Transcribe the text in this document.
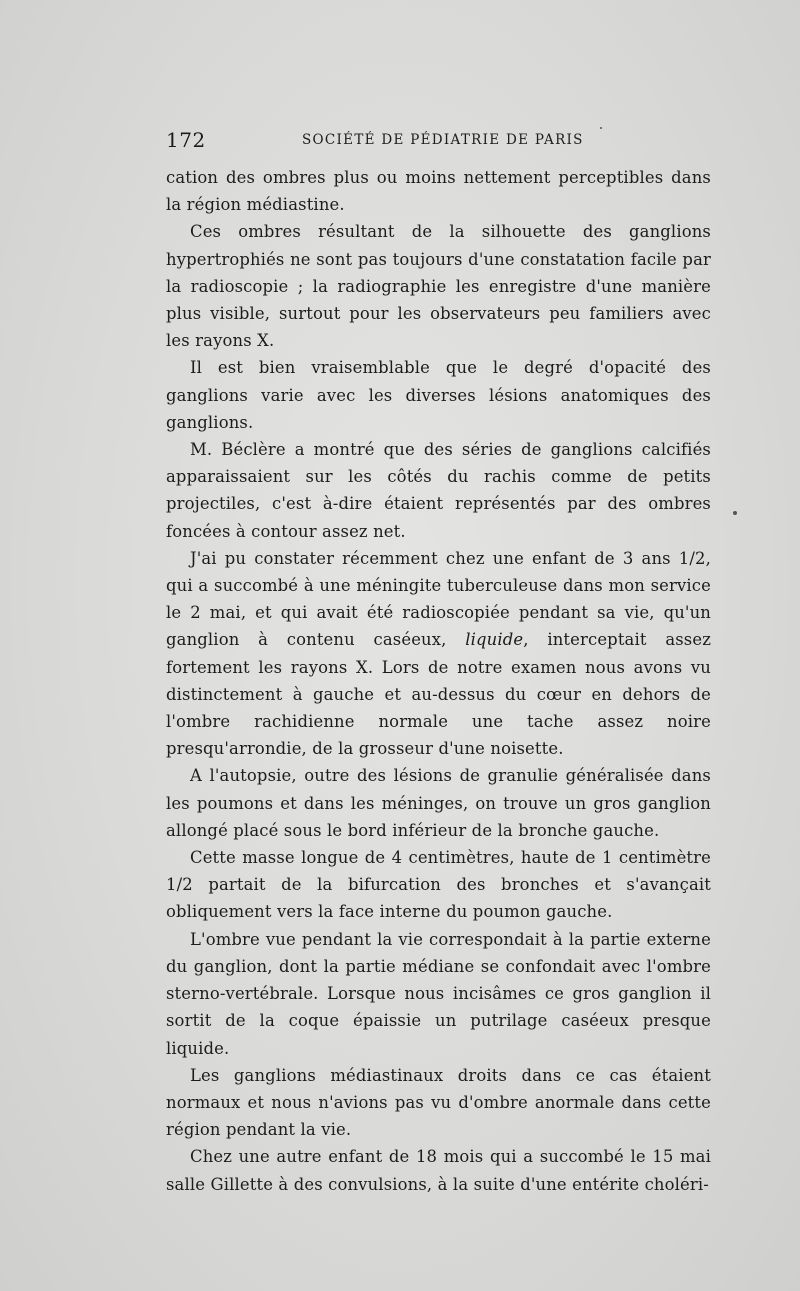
172	SOCIÉTÉ DE PÉDIATRIE DE PARIS

cation des ombres plus ou moins nettement perceptibles dans la région médiastine.

Ces ombres résultant de la silhouette des ganglions hypertrophiés ne sont pas toujours d'une constatation facile par la radioscopie ; la radiographie les enregistre d'une manière plus visible, surtout pour les observateurs peu familiers avec les rayons X.

Il est bien vraisemblable que le degré d'opacité des ganglions varie avec les diverses lésions anatomiques des ganglions.

M. Béclère a montré que des séries de ganglions calcifiés apparaissaient sur les côtés du rachis comme de petits projectiles, c'est à-dire étaient représentés par des ombres foncées à contour assez net.

J'ai pu constater récemment chez une enfant de 3 ans 1/2, qui a succombé à une méningite tuberculeuse dans mon service le 2 mai, et qui avait été radioscopiée pendant sa vie, qu'un ganglion à contenu caséeux, liquide, interceptait assez fortement les rayons X. Lors de notre examen nous avons vu distinctement à gauche et au-dessus du cœur en dehors de l'ombre rachidienne normale une tache assez noire presqu'arrondie, de la grosseur d'une noisette.

A l'autopsie, outre des lésions de granulie généralisée dans les poumons et dans les méninges, on trouve un gros ganglion allongé placé sous le bord inférieur de la bronche gauche.

Cette masse longue de 4 centimètres, haute de 1 centimètre 1/2 partait de la bifurcation des bronches et s'avançait obliquement vers la face interne du poumon gauche.

L'ombre vue pendant la vie correspondait à la partie externe du ganglion, dont la partie médiane se confondait avec l'ombre sterno-vertébrale. Lorsque nous incisâmes ce gros ganglion il sortit de la coque épaissie un putrilage caséeux presque liquide.

Les ganglions médiastinaux droits dans ce cas étaient normaux et nous n'avions pas vu d'ombre anormale dans cette région pendant la vie.

Chez une autre enfant de 18 mois qui a succombé le 15 mai salle Gillette à des convulsions, à la suite d'une entérite choléri-
